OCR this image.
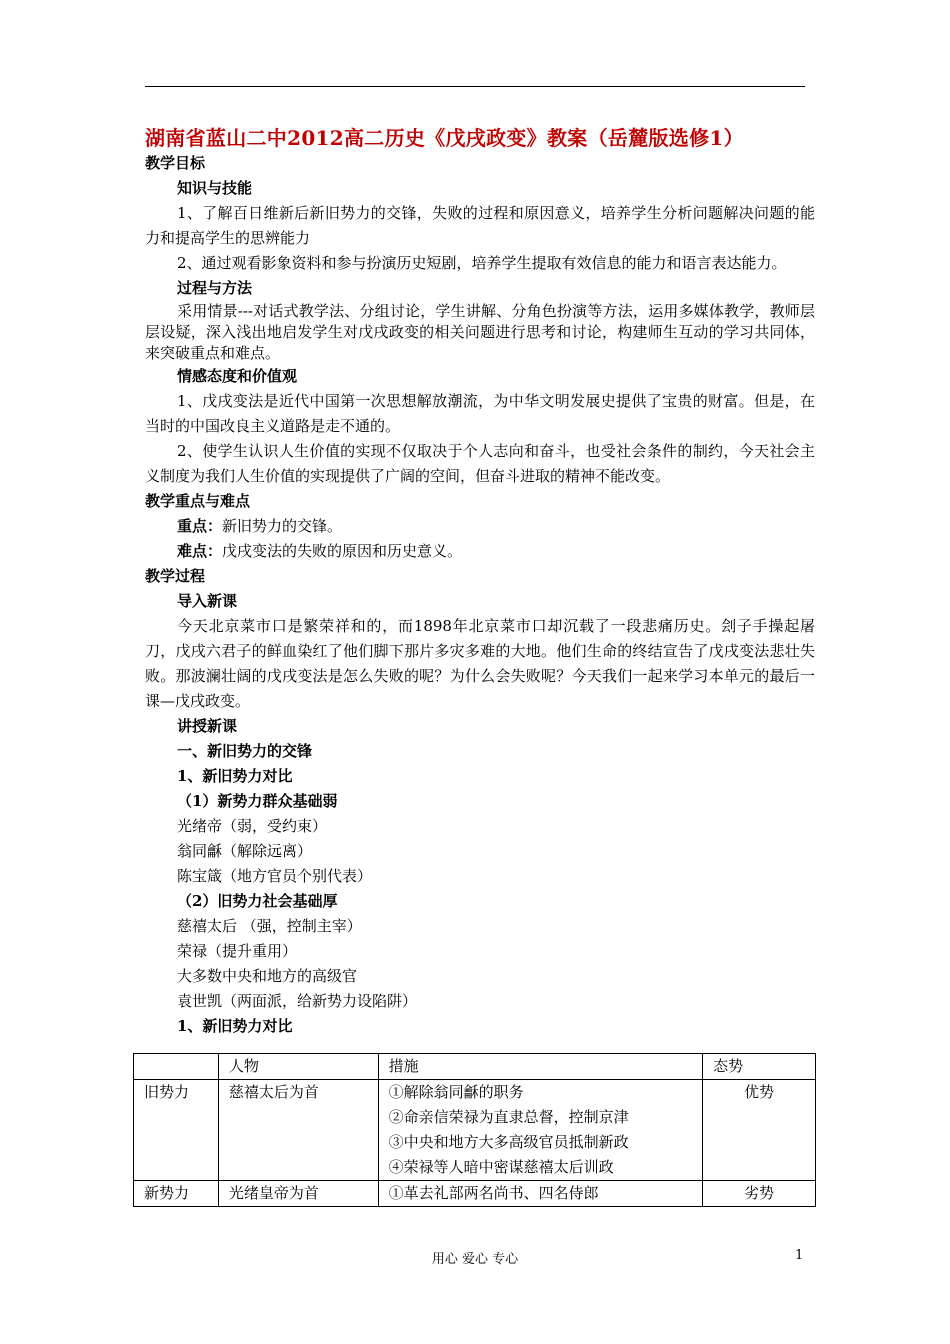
湖南省蓝山二中2012高二历史《戊戌政变》教案（岳麓版选修1）

教学目标

知识与技能

1、了解百日维新后新旧势力的交锋，失败的过程和原因意义，培养学生分析问题解决问题的能力和提高学生的思辨能力

2、通过观看影象资料和参与扮演历史短剧，培养学生提取有效信息的能力和语言表达能力。

过程与方法

采用情景---对话式教学法、分组讨论，学生讲解、分角色扮演等方法，运用多媒体教学，教师层层设疑，深入浅出地启发学生对戊戌政变的相关问题进行思考和讨论，构建师生互动的学习共同体，来突破重点和难点。

情感态度和价值观

1、戊戌变法是近代中国第一次思想解放潮流，为中华文明发展史提供了宝贵的财富。但是，在当时的中国改良主义道路是走不通的。

2、使学生认识人生价值的实现不仅取决于个人志向和奋斗，也受社会条件的制约，今天社会主义制度为我们人生价值的实现提供了广阔的空间，但奋斗进取的精神不能改变。

教学重点与难点

重点：新旧势力的交锋。

难点：戊戌变法的失败的原因和历史意义。

教学过程

导入新课

今天北京菜市口是繁荣祥和的，而1898年北京菜市口却沉载了一段悲痛历史。刽子手操起屠刀，戊戌六君子的鲜血染红了他们脚下那片多灾多难的大地。他们生命的终结宣告了戊戌变法悲壮失败。那波澜壮阔的戊戌变法是怎么失败的呢？为什么会失败呢？今天我们一起来学习本单元的最后一课—戊戌政变。

讲授新课

一、新旧势力的交锋

1、新旧势力对比

（1）新势力群众基础弱

光绪帝（弱，受约束）

翁同龢（解除远离）

陈宝箴（地方官员个别代表）

（2）旧势力社会基础厚

慈禧太后 （强，控制主宰）

荣禄（提升重用）

大多数中央和地方的高级官

袁世凯（两面派，给新势力设陷阱）

1、新旧势力对比

	人物	措施	态势
旧势力	慈禧太后为首	①解除翁同龢的职务
②命亲信荣禄为直隶总督，控制京津
③中央和地方大多高级官员抵制新政
④荣禄等人暗中密谋慈禧太后训政	优势
新势力	光绪皇帝为首	①革去礼部两名尚书、四名侍郎	劣势
用心 爱心 专心	1
